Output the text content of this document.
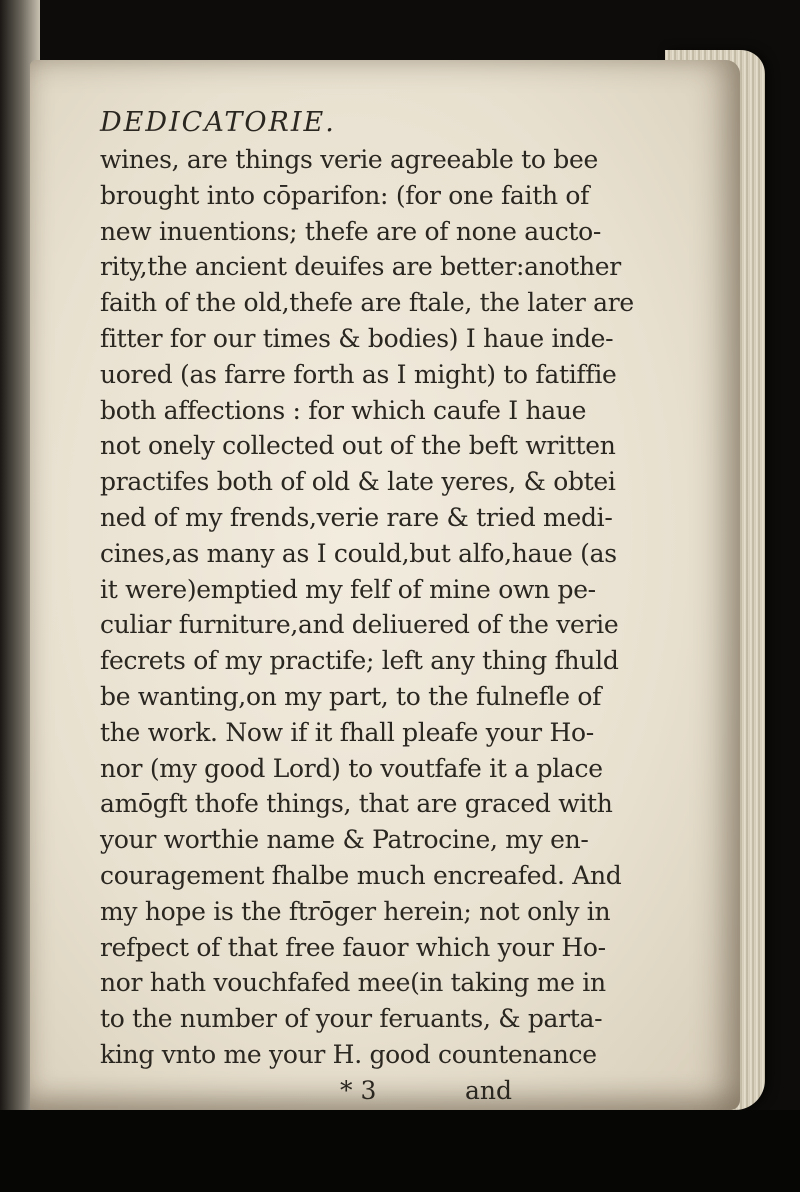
DEDICATORIE.
wines, are things verie agreeable to bee
brought into cōparifon: (for one faith of
new inuentions; thefe are of none aucto-
rity,the ancient deuifes are better:another
faith of the old,thefe are ftale, the later are
fitter for our times & bodies) I haue inde-
uored (as farre forth as I might) to fatiffie
both affections : for which caufe I haue
not onely collected out of the beft written
practifes both of old & late yeres, & obtei
ned of my frends,verie rare & tried medi-
cines,as many as I could,but alfo,haue (as
it were)emptied my felf of mine own pe-
culiar furniture,and deliuered of the verie
fecrets of my practife; left any thing fhuld
be wanting,on my part, to the fulnefle of
the work. Now if it fhall pleafe your Ho-
nor (my good Lord) to voutfafe it a place
amōgft thofe things, that are graced with
your worthie name & Patrocine, my en-
couragement fhalbe much encreafed. And
my hope is the ftrōger herein; not only in
refpect of that free fauor which your Ho-
nor hath vouchfafed mee(in taking me in
to the number of your feruants, & parta-
king vnto me your H. good countenance
* 3	and
